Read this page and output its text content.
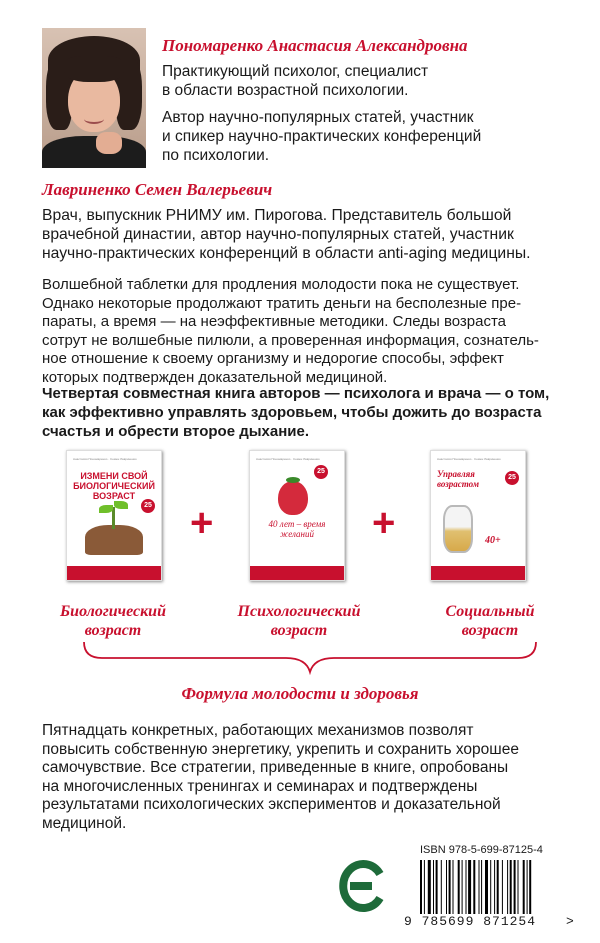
Пономаренко Анастасия Александровна
Практикующий психолог, специалист
в области возрастной психологии.
Автор научно-популярных статей, участник
и спикер научно-практических конференций
по психологии.
Лавриненко Семен Валерьевич
Врач, выпускник РНИМУ им. Пирогова. Представитель большой
врачебной династии, автор научно-популярных статей, участник
научно-практических конференций в области anti-aging медицины.
Волшебной таблетки для продления молодости пока не существует.
Однако некоторые продолжают тратить деньги на бесполезные пре-
параты, а время — на неэффективные методики. Следы возраста
сотрут не волшебные пилюли, а проверенная информация, сознатель-
ное отношение к своему организму и недорогие способы, эффект
которых подтвержден доказательной медициной.
Четвертая совместная книга авторов — психолога и врача — о том,
как эффективно управлять здоровьем, чтобы дожить до возраста
счастья и обрести второе дыхание.
Анастасия Пономаренко · Семен Лавриненко
ИЗМЕНИ СВОЙ БИОЛОГИЧЕСКИЙ ВОЗРАСТ
25 +
Анастасия Пономаренко · Семен Лавриненко
25
40 лет – время желаний	+
Анастасия Пономаренко · Семен Лавриненко
Управляя возрастом
25
40+
Биологический
возраст
Психологический
возраст
Социальный
возраст
Формула молодости и здоровья
Пятнадцать конкретных, работающих механизмов позволят
повысить собственную энергетику, укрепить и сохранить хорошее
самочувствие. Все стратегии, приведенные в книге, опробованы
на многочисленных тренингах и семинарах и подтверждены
результатами психологических экспериментов и доказательной
медициной.
ISBN 978-5-699-87125-4
9 785699 871254 >
